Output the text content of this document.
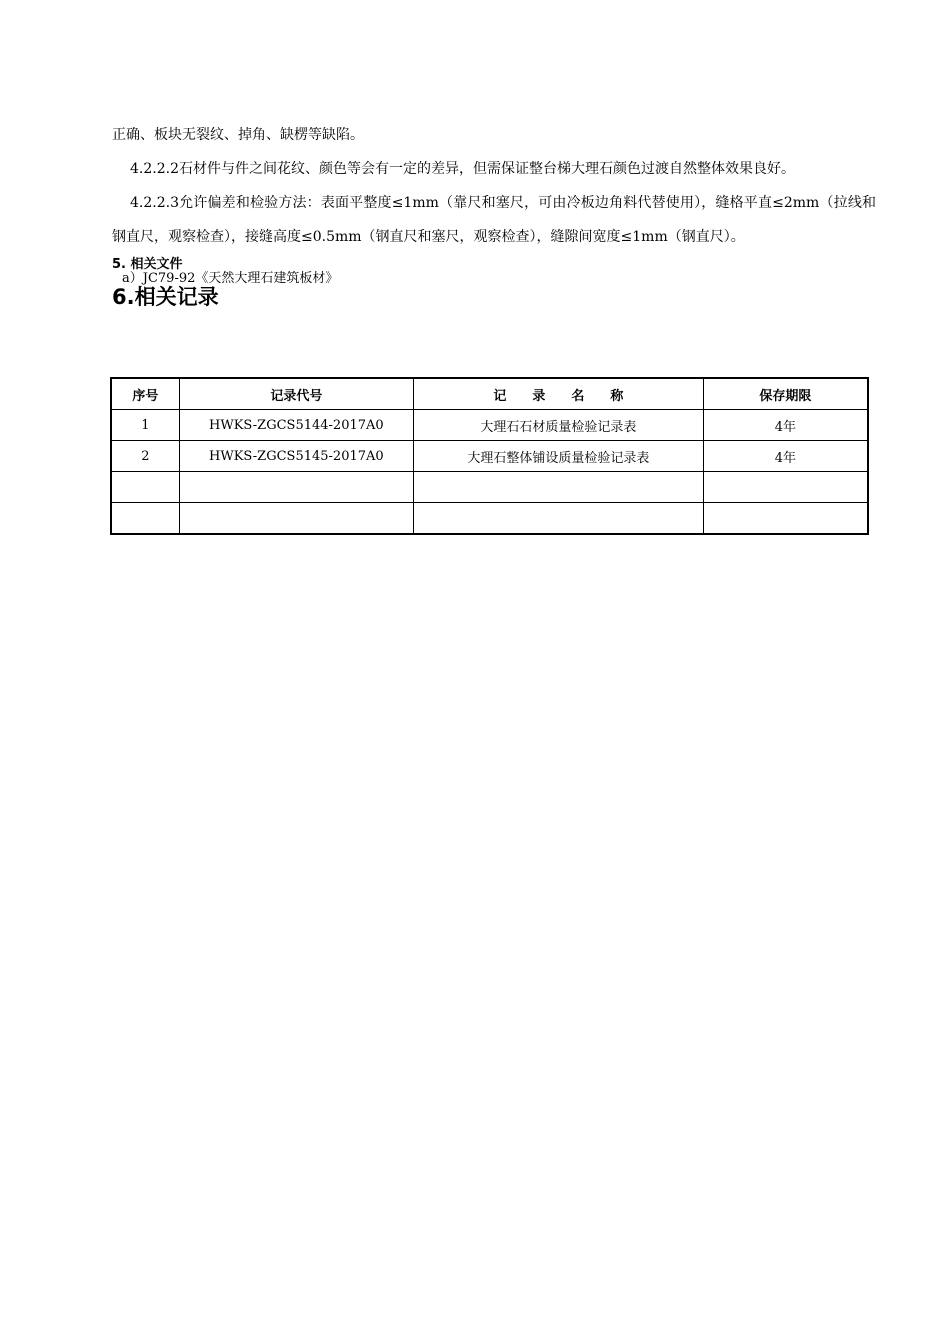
正确、板块无裂纹、掉角、缺楞等缺陷。

4.2.2.2石材件与件之间花纹、颜色等会有一定的差异，但需保证整台梯大理石颜色过渡自然整体效果良好。

4.2.2.3允许偏差和检验方法：表面平整度≤1mm（靠尺和塞尺，可由冷板边角料代替使用），缝格平直≤2mm（拉线和钢直尺，观察检查），接缝高度≤0.5mm（钢直尺和塞尺，观察检查），缝隙间宽度≤1mm（钢直尺）。

5. 相关文件

a）JC79-92《天然大理石建筑板材》

6.相关记录

序号	记录代号	记　　录　　名　　称	保存期限
1	HWKS-ZGCS5144-2017A0	大理石石材质量检验记录表	4年
2	HWKS-ZGCS5145-2017A0	大理石整体铺设质量检验记录表	4年
